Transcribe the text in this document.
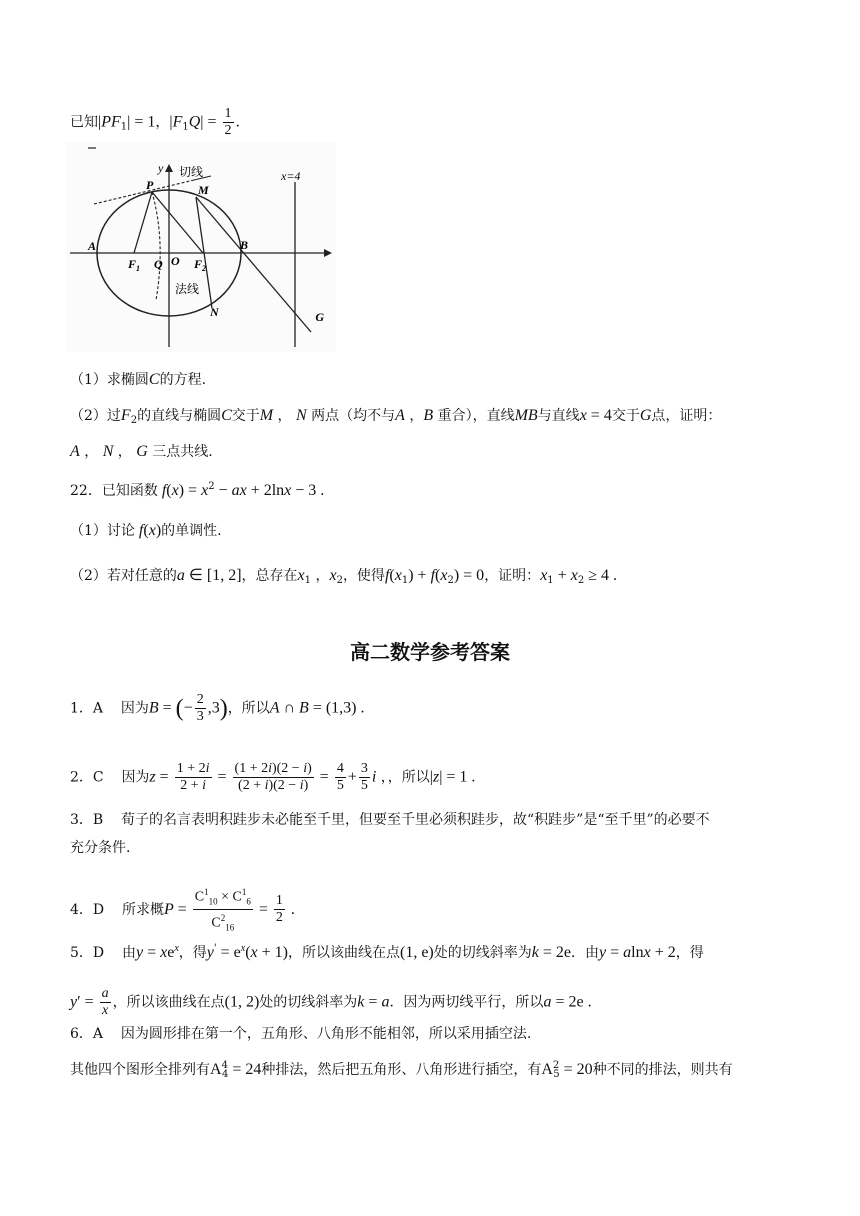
已知$|PF_1| = 1$，$|F_1Q| = \frac{1}{2}$ .
y 切线
P	M
x=4
A	B
$F_1$ Q O $F_2$
法线
N	G
（1）求椭圆C的方程.
（2）过$F_2$的直线与椭圆C交于M ， N 两点（均不与A ，B 重合），直线MB与直线x = 4交于G点，证明：
A ， N ， G 三点共线.
22．已知函数 $f(x) = x^2$ − ax + 2lnx − 3 .
（1）讨论 f(x)的单调性.
（2）若对任意的a ∈ [1, 2]，总存在$x_1$ ，$x_2$，使得$f(x_1) + f(x_2) = 0$，证明：$x_1 + x_2 \ge 4$ .
高二数学参考答案
1．A 因为B = (− $\frac{2}{3} ,3$)，所以A ∩ B = (1,3) .
2．C 因为$z = \frac{1 + 2i}{2 + i} = \frac{(1 + 2i)(2 - i)}{(2 + i)(2 - i)} = \frac{4}{5} + \frac{3}{5}$ i ，，所以|z| = 1 .
3．B 荀子的名言表明积跬步未必能至千里，但要至千里必须积跬步，故“积跬步”是“至千里”的必要不
充分条件.
4．D 所求概$P = \frac{C^1_{10} \times C^1_6}{C^2_{16}} = \frac{1}{2}$ .
5．D 由$y = xe^x$，得$y' = e^x(x + 1)$，所以该曲线在点(1, e)处的切线斜率为k = 2e．由y = alnx + 2，得
$y' = \frac{a}{x}$ ，所以该曲线在点(1, 2)处的切线斜率为k = a．因为两切线平行，所以a = 2e .
6．A 因为圆形排在第一个，五角形、八角形不能相邻，所以采用插空法.
其他四个图形全排列有$A^4_4 = 24$种排法，然后把五角形、八角形进行插空，有$A^2_5 = 20$种不同的排法，则共有
